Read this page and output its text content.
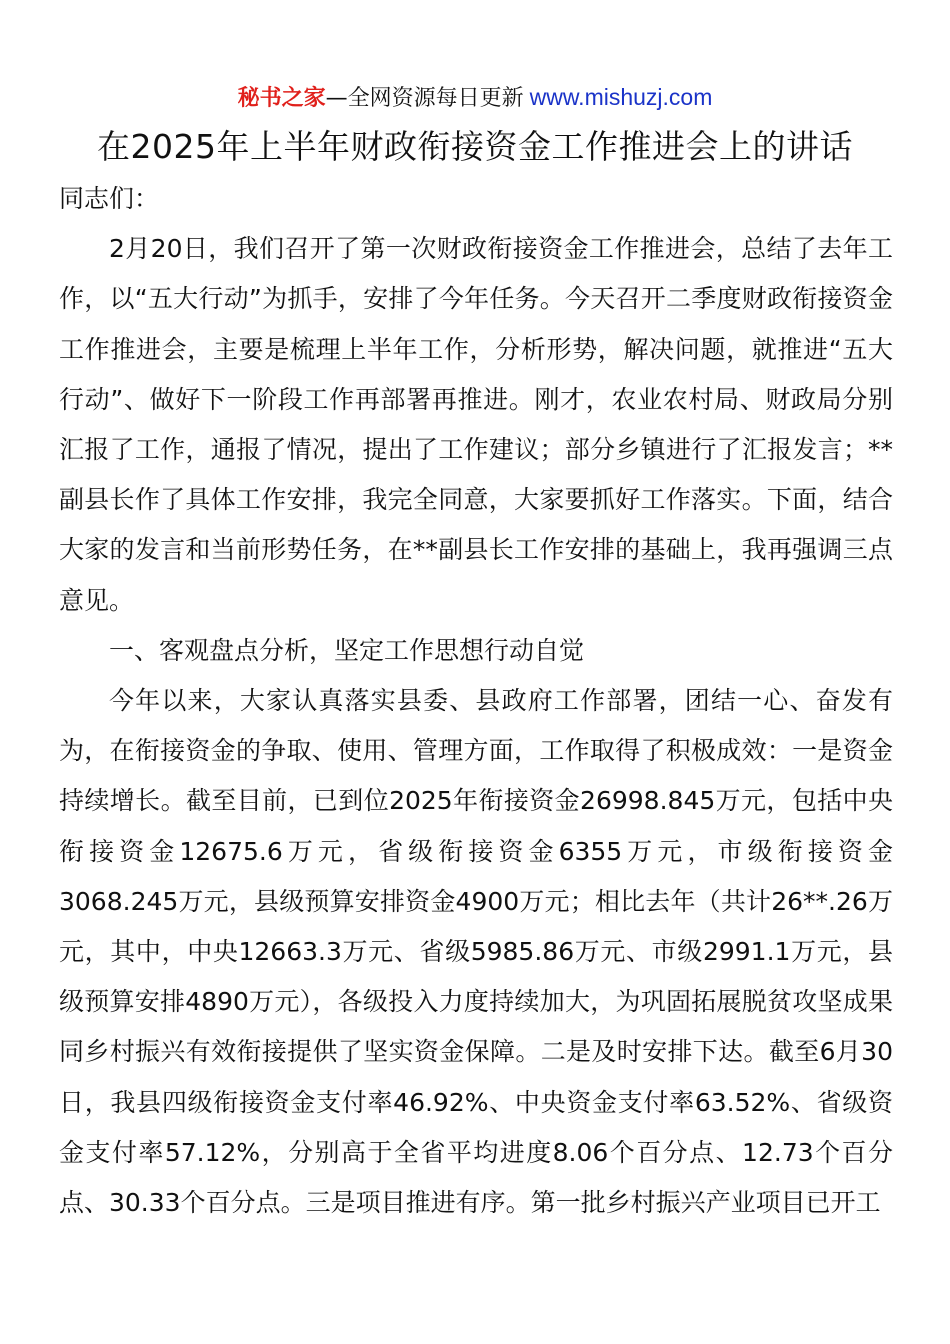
秘书之家—全网资源每日更新 www.mishuzj.com
在2025年上半年财政衔接资金工作推进会上的讲话

同志们：

2月20日，我们召开了第一次财政衔接资金工作推进会，总结了去年工作，以“五大行动”为抓手，安排了今年任务。今天召开二季度财政衔接资金工作推进会，主要是梳理上半年工作，分析形势，解决问题，就推进“五大行动”、做好下一阶段工作再部署再推进。刚才，农业农村局、财政局分别汇报了工作，通报了情况，提出了工作建议；部分乡镇进行了汇报发言；**副县长作了具体工作安排，我完全同意，大家要抓好工作落实。下面，结合大家的发言和当前形势任务，在**副县长工作安排的基础上，我再强调三点意见。

一、客观盘点分析，坚定工作思想行动自觉

今年以来，大家认真落实县委、县政府工作部署，团结一心、奋发有为，在衔接资金的争取、使用、管理方面，工作取得了积极成效：一是资金持续增长。截至目前，已到位2025年衔接资金26998.845万元，包括中央衔接资金12675.6万元，省级衔接资金6355万元，市级衔接资金3068.245万元，县级预算安排资金4900万元；相比去年（共计26**.26万元，其中，中央12663.3万元、省级5985.86万元、市级2991.1万元，县级预算安排4890万元），各级投入力度持续加大，为巩固拓展脱贫攻坚成果同乡村振兴有效衔接提供了坚实资金保障。二是及时安排下达。截至6月30日，我县四级衔接资金支付率46.92%、中央资金支付率63.52%、省级资金支付率57.12%，分别高于全省平均进度8.06个百分点、12.73个百分点、30.33个百分点。三是项目推进有序。第一批乡村振兴产业项目已开工
